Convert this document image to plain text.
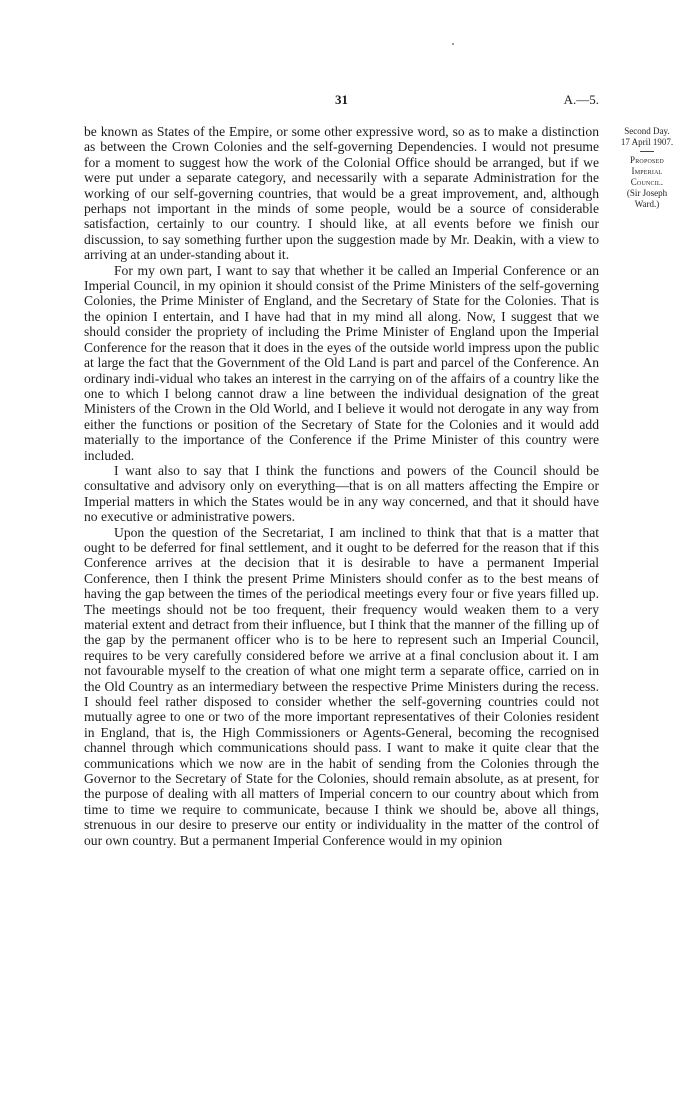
31	A.—5.

be known as States of the Empire, or some other expressive word, so as to make a distinction as between the Crown Colonies and the self-governing Dependencies. I would not presume for a moment to suggest how the work of the Colonial Office should be arranged, but if we were put under a separate category, and necessarily with a separate Administration for the working of our self-governing countries, that would be a great improvement, and, although perhaps not important in the minds of some people, would be a source of considerable satisfaction, certainly to our country. I should like, at all events before we finish our discussion, to say something further upon the suggestion made by Mr. Deakin, with a view to arriving at an under-standing about it.

For my own part, I want to say that whether it be called an Imperial Conference or an Imperial Council, in my opinion it should consist of the Prime Ministers of the self-governing Colonies, the Prime Minister of England, and the Secretary of State for the Colonies. That is the opinion I entertain, and I have had that in my mind all along. Now, I suggest that we should consider the propriety of including the Prime Minister of England upon the Imperial Conference for the reason that it does in the eyes of the outside world impress upon the public at large the fact that the Government of the Old Land is part and parcel of the Conference. An ordinary indi-vidual who takes an interest in the carrying on of the affairs of a country like the one to which I belong cannot draw a line between the individual designation of the great Ministers of the Crown in the Old World, and I believe it would not derogate in any way from either the functions or position of the Secretary of State for the Colonies and it would add materially to the importance of the Conference if the Prime Minister of this country were included.

I want also to say that I think the functions and powers of the Council should be consultative and advisory only on everything—that is on all matters affecting the Empire or Imperial matters in which the States would be in any way concerned, and that it should have no executive or administrative powers.

Upon the question of the Secretariat, I am inclined to think that that is a matter that ought to be deferred for final settlement, and it ought to be deferred for the reason that if this Conference arrives at the decision that it is desirable to have a permanent Imperial Conference, then I think the present Prime Ministers should confer as to the best means of having the gap between the times of the periodical meetings every four or five years filled up. The meetings should not be too frequent, their frequency would weaken them to a very material extent and detract from their influence, but I think that the manner of the filling up of the gap by the permanent officer who is to be here to represent such an Imperial Council, requires to be very carefully considered before we arrive at a final conclusion about it. I am not favourable myself to the creation of what one might term a separate office, carried on in the Old Country as an intermediary between the respective Prime Ministers during the recess. I should feel rather disposed to consider whether the self-governing countries could not mutually agree to one or two of the more important representatives of their Colonies resident in England, that is, the High Commissioners or Agents-General, becoming the recognised channel through which communications should pass. I want to make it quite clear that the communications which we now are in the habit of sending from the Colonies through the Governor to the Secretary of State for the Colonies, should remain absolute, as at present, for the purpose of dealing with all matters of Imperial concern to our country about which from time to time we require to communicate, because I think we should be, above all things, strenuous in our desire to preserve our entity or individuality in the matter of the control of our own country. But a permanent Imperial Conference would in my opinion

Second Day.
17 April 1907.
Proposed
Imperial
Council.
(Sir Joseph
Ward.)
